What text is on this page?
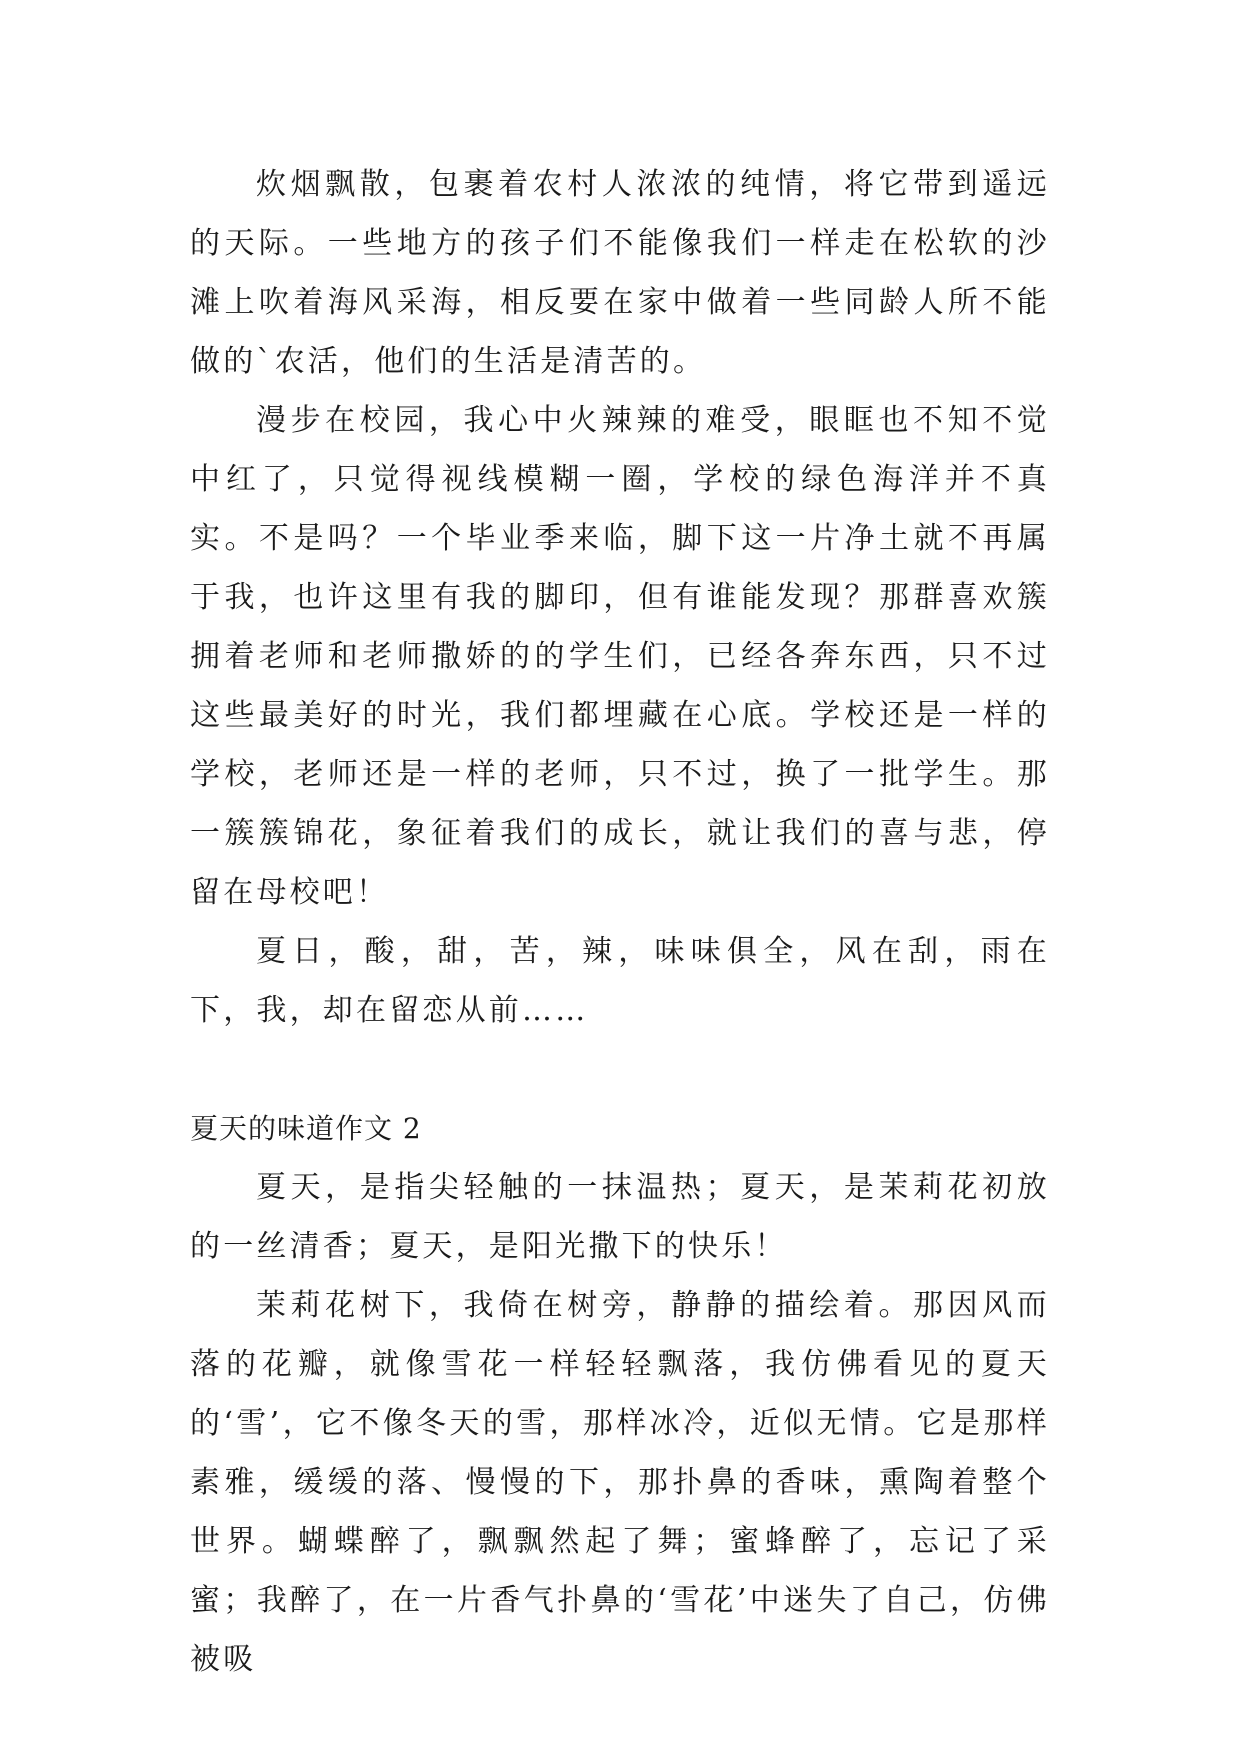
炊烟飘散，包裹着农村人浓浓的纯情，将它带到遥远的天际。一些地方的孩子们不能像我们一样走在松软的沙滩上吹着海风采海，相反要在家中做着一些同龄人所不能做的`农活，他们的生活是清苦的。

漫步在校园，我心中火辣辣的难受，眼眶也不知不觉中红了，只觉得视线模糊一圈，学校的绿色海洋并不真实。不是吗？一个毕业季来临，脚下这一片净土就不再属于我，也许这里有我的脚印，但有谁能发现？那群喜欢簇拥着老师和老师撒娇的的学生们，已经各奔东西，只不过这些最美好的时光，我们都埋藏在心底。学校还是一样的学校，老师还是一样的老师，只不过，换了一批学生。那一簇簇锦花，象征着我们的成长，就让我们的喜与悲，停留在母校吧！

夏日，酸，甜，苦，辣，味味俱全，风在刮，雨在下，我，却在留恋从前……

夏天的味道作文 2

夏天，是指尖轻触的一抹温热；夏天，是茉莉花初放的一丝清香；夏天，是阳光撒下的快乐！

茉莉花树下，我倚在树旁，静静的描绘着。那因风而落的花瓣，就像雪花一样轻轻飘落，我仿佛看见的夏天的‘雪’，它不像冬天的雪，那样冰冷，近似无情。它是那样素雅，缓缓的落、慢慢的下，那扑鼻的香味，熏陶着整个世界。蝴蝶醉了，飘飘然起了舞；蜜蜂醉了，忘记了采蜜；我醉了，在一片香气扑鼻的‘雪花’中迷失了自己，仿佛被吸
